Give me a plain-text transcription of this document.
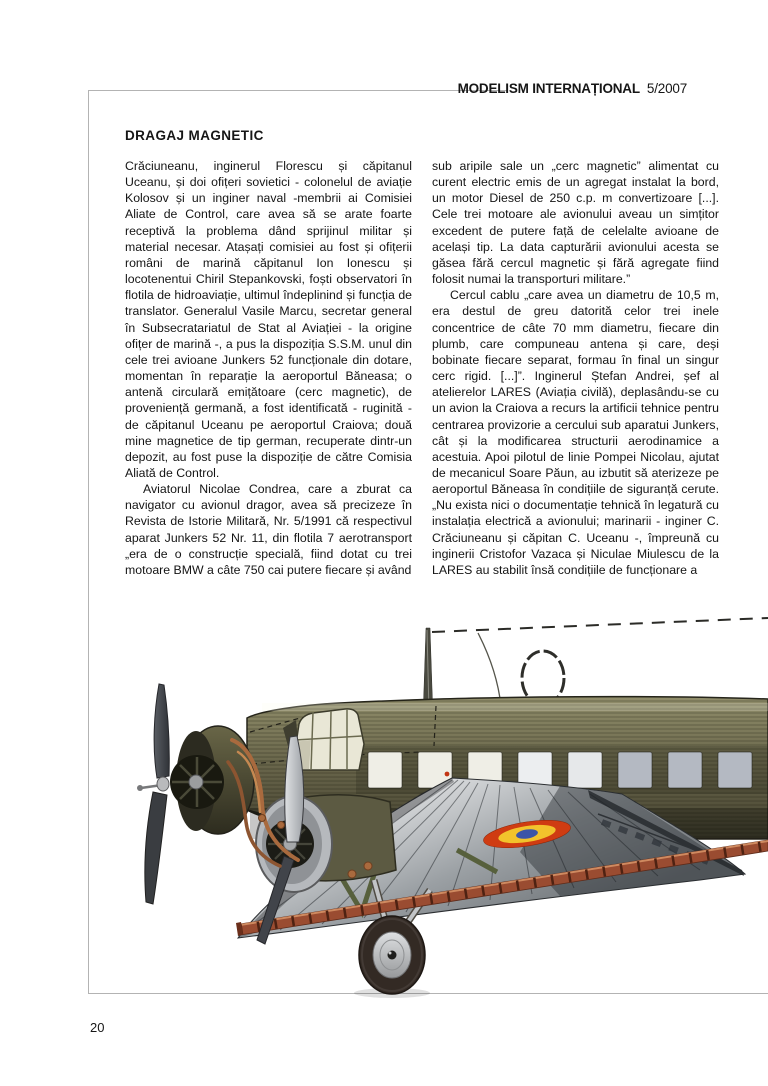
MODELISM INTERNAȚIONAL 5/2007
DRAGAJ MAGNETIC

Crăciuneanu, inginerul Florescu și căpitanul Uceanu, și doi ofițeri sovietici - colonelul de aviație Kolosov și un inginer naval -membrii ai Comisiei Aliate de Control, care avea să se arate foarte receptivă la problema dând sprijinul militar și material necesar. Atașați comisiei au fost și ofițerii români de marină căpitanul Ion Ionescu și locotenentui Chiril Stepankovski, foști observatori în flotila de hidroaviație, ultimul îndeplinind și funcția de translator. Generalul Vasile Marcu, secretar general în Subsecratariatul de Stat al Aviației - la origine ofițer de marină -, a pus la dispoziția S.S.M. unul din cele trei avioane Junkers 52 funcționale din dotare, momentan în reparație la aeroportul Băneasa; o antenă circulară emițătoare (cerc magnetic), de proveniență germană, a fost identificată - ruginită - de căpitanul Uceanu pe aeroportul Craiova; două mine magnetice de tip german, recuperate dintr-un depozit, au fost puse la dispoziție de către Comisia Aliată de Control.

Aviatorul Nicolae Condrea, care a zburat ca navigator cu avionul dragor, avea să precizeze în Revista de Istorie Militară, Nr. 5/1991 că respectivul aparat Junkers 52 Nr. 11, din flotila 7 aerotransport „era de o construcție specială, fiind dotat cu trei motoare BMW a câte 750 cai putere fiecare și având

sub aripile sale un „cerc magnetic” alimentat cu curent electric emis de un agregat instalat la bord, un motor Diesel de 250 c.p. m convertizoare [...]. Cele trei motoare ale avionului aveau un simțitor excedent de putere față de celelalte avioane de același tip. La data capturării avionului acesta se găsea fără cercul magnetic și fără agregate fiind folosit numai la transporturi militare.”

Cercul cablu „care avea un diametru de 10,5 m, era destul de greu datorită celor trei inele concentrice de câte 70 mm diametru, fiecare din plumb, care compuneau antena și care, deși bobinate fiecare separat, formau în final un singur cerc rigid. [...]”. Inginerul Ștefan Andrei, șef al atelierelor LARES (Aviația civilă), deplasându-se cu un avion la Craiova a recurs la artificii tehnice pentru centrarea provizorie a cercului sub aparatui Junkers, cât și la modificarea structurii aerodinamice a acestuia. Apoi pilotul de linie Pompei Nicolau, ajutat de mecanicul Soare Păun, au izbutit să aterizeze pe aeroportul Băneasa în condițiile de siguranță cerute. „Nu exista nici o documentație tehnică în legatură cu instalația electrică a avionului; marinarii - inginer C. Crăciuneanu și căpitan C. Uceanu -, împreună cu inginerii Cristofor Vazaca și Niculae Miulescu de la LARES au stabilit însă condițiile de funcționare a

20
